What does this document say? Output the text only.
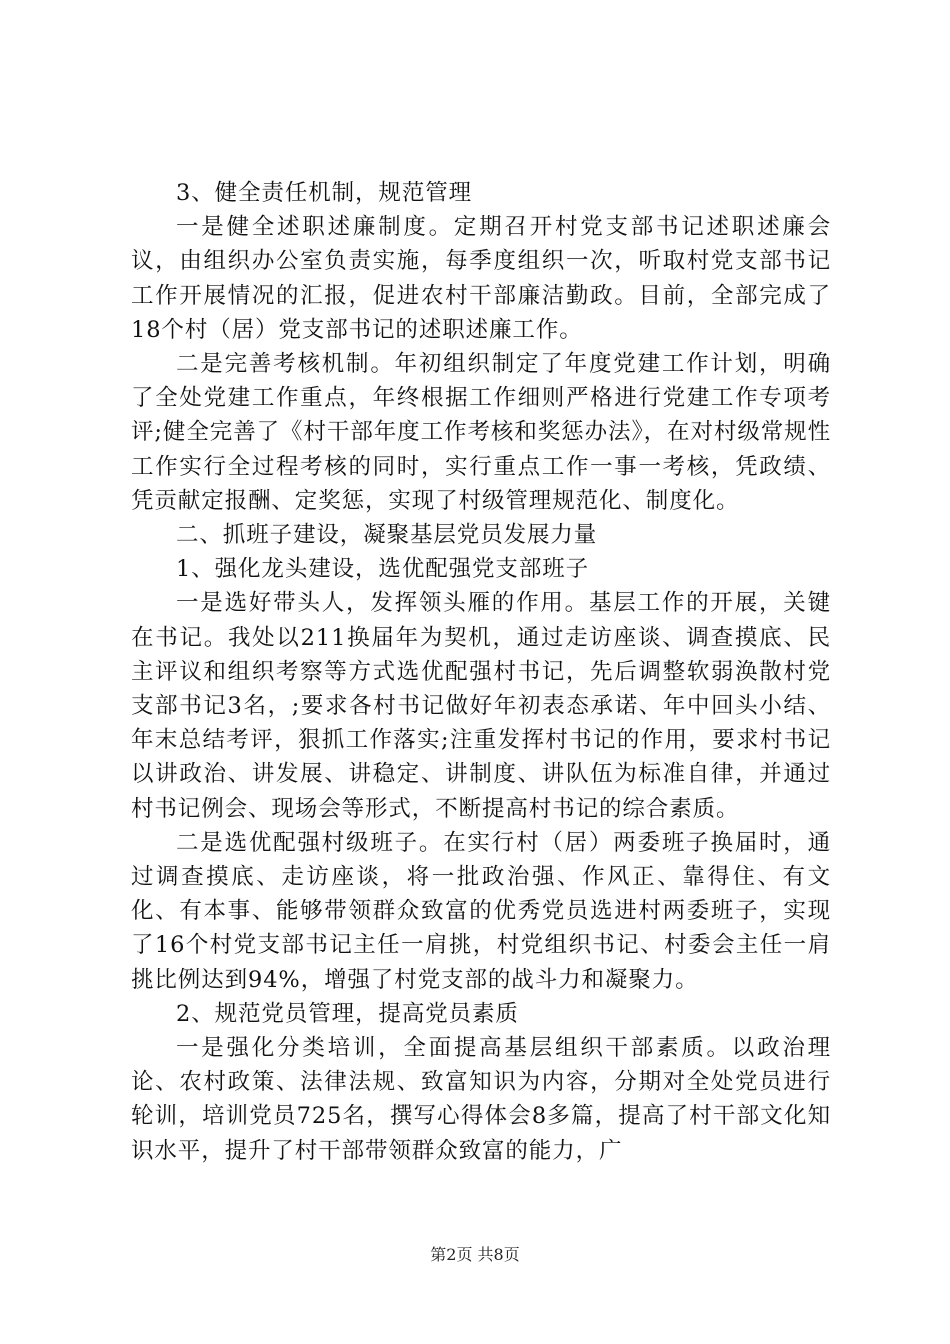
3、健全责任机制，规范管理

一是健全述职述廉制度。定期召开村党支部书记述职述廉会议，由组织办公室负责实施，每季度组织一次，听取村党支部书记工作开展情况的汇报，促进农村干部廉洁勤政。目前，全部完成了18个村（居）党支部书记的述职述廉工作。

二是完善考核机制。年初组织制定了年度党建工作计划，明确了全处党建工作重点，年终根据工作细则严格进行党建工作专项考评;健全完善了《村干部年度工作考核和奖惩办法》，在对村级常规性工作实行全过程考核的同时，实行重点工作一事一考核，凭政绩、凭贡献定报酬、定奖惩，实现了村级管理规范化、制度化。

二、抓班子建设，凝聚基层党员发展力量

1、强化龙头建设，选优配强党支部班子

一是选好带头人，发挥领头雁的作用。基层工作的开展，关键在书记。我处以211换届年为契机，通过走访座谈、调查摸底、民主评议和组织考察等方式选优配强村书记，先后调整软弱涣散村党支部书记3名，;要求各村书记做好年初表态承诺、年中回头小结、年末总结考评，狠抓工作落实;注重发挥村书记的作用，要求村书记以讲政治、讲发展、讲稳定、讲制度、讲队伍为标准自律，并通过村书记例会、现场会等形式，不断提高村书记的综合素质。

二是选优配强村级班子。在实行村（居）两委班子换届时，通过调查摸底、走访座谈，将一批政治强、作风正、靠得住、有文化、有本事、能够带领群众致富的优秀党员选进村两委班子，实现了16个村党支部书记主任一肩挑，村党组织书记、村委会主任一肩挑比例达到94%，增强了村党支部的战斗力和凝聚力。

2、规范党员管理，提高党员素质

一是强化分类培训，全面提高基层组织干部素质。以政治理论、农村政策、法律法规、致富知识为内容，分期对全处党员进行轮训，培训党员725名，撰写心得体会8多篇，提高了村干部文化知识水平，提升了村干部带领群众致富的能力，广

第2页 共8页
